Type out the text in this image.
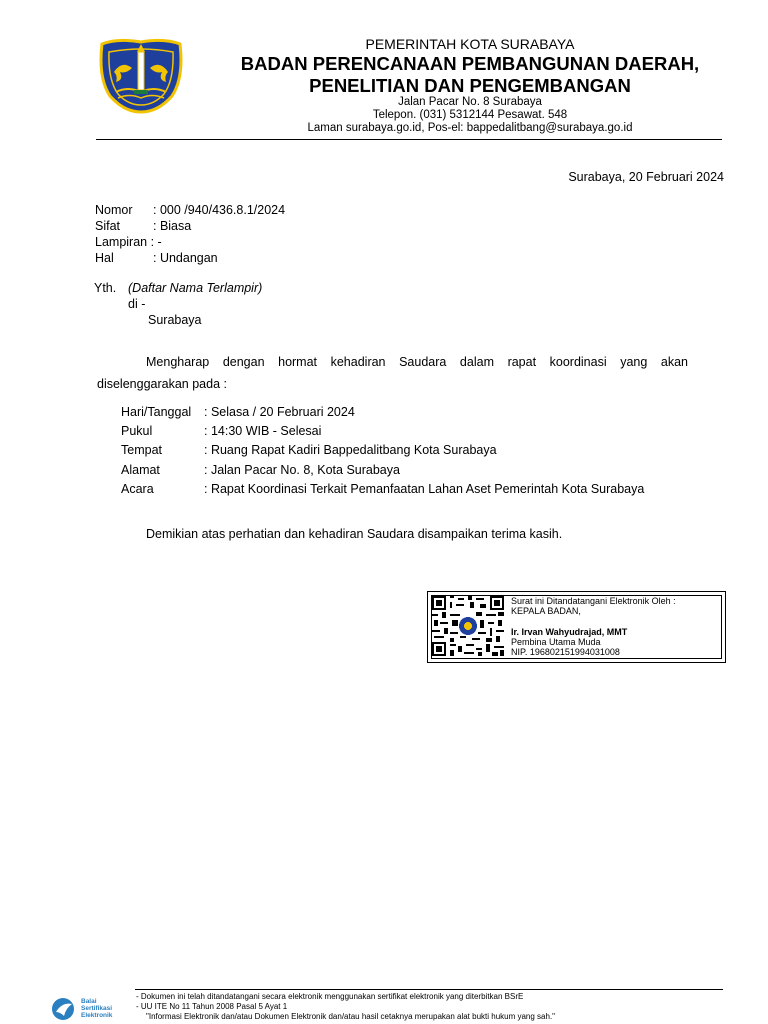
PEMERINTAH KOTA SURABAYA
BADAN PERENCANAAN PEMBANGUNAN DAERAH,
PENELITIAN DAN PENGEMBANGAN
Jalan Pacar No. 8 Surabaya
Telepon. (031) 5312144 Pesawat. 548
Laman surabaya.go.id, Pos-el: bappedalitbang@surabaya.go.id
Surabaya, 20 Februari 2024
Nomor : 000 /940/436.8.1/2024
Sifat	: Biasa
Lampiran : -
Hal	: Undangan
Yth. (Daftar Nama Terlampir)
di -
Surabaya
Mengharap dengan hormat kehadiran Saudara dalam rapat koordinasi yang akan diselenggarakan pada :
Hari/Tanggal : Selasa / 20 Februari 2024
Pukul	: 14:30 WIB - Selesai
Tempat	: Ruang Rapat Kadiri Bappedalitbang Kota Surabaya
Alamat	: Jalan Pacar No. 8, Kota Surabaya
Acara	: Rapat Koordinasi Terkait Pemanfaatan Lahan Aset Pemerintah Kota Surabaya
Demikian atas perhatian dan kehadiran Saudara disampaikan terima kasih.
Surat ini Ditandatangani Elektronik Oleh :
KEPALA BADAN,
Ir. Irvan Wahyudrajad, MMT
Pembina Utama Muda
NIP. 196802151994031008
Balai
Sertifikasi
Elektronik
- Dokumen ini telah ditandatangani secara elektronik menggunakan sertifikat elektronik yang diterbitkan BSrE
- UU ITE No 11 Tahun 2008 Pasal 5 Ayat 1
"Informasi Elektronik dan/atau Dokumen Elektronik dan/atau hasil cetaknya merupakan alat bukti hukum yang sah."
